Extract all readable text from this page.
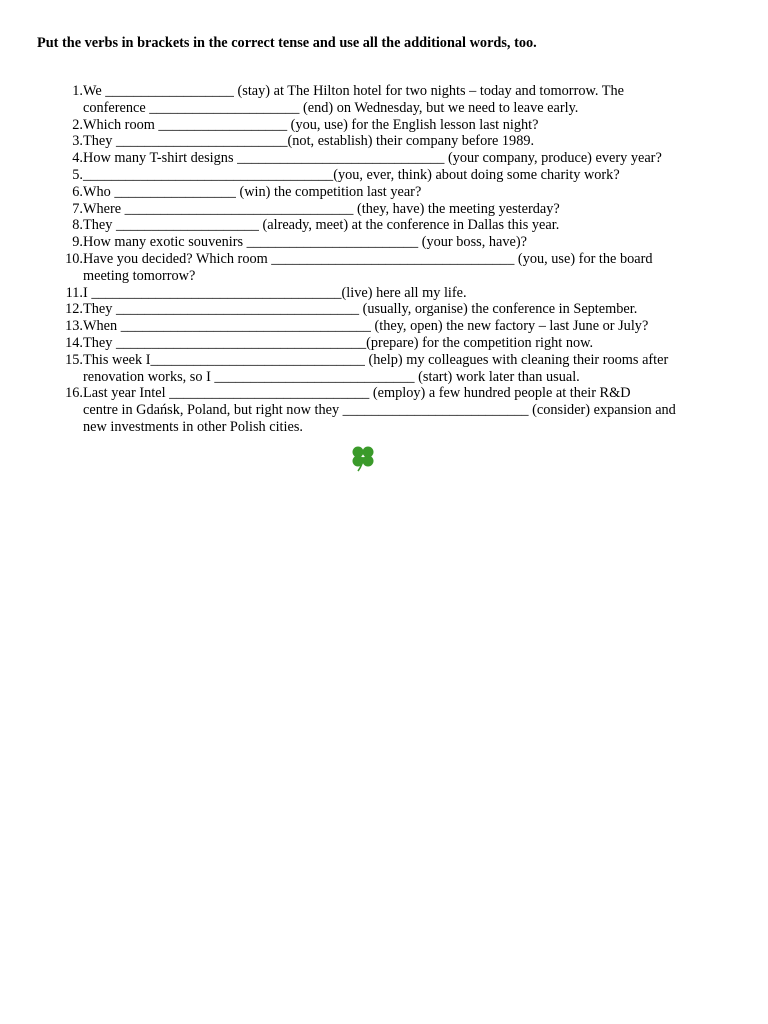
Put the verbs in brackets in the correct tense and use all the additional words, too.
1. We __________________ (stay) at The Hilton hotel for two nights – today and tomorrow. The
conference _____________________ (end) on Wednesday, but we need to leave early.
2. Which room __________________ (you, use) for the English lesson last night?
3. They ________________________(not, establish) their company before 1989.
4. How many T-shirt designs _____________________________ (your company, produce) every year?
5. ___________________________________(you, ever, think) about doing some charity work?
6. Who _________________ (win) the competition last year?
7. Where ________________________________ (they, have) the meeting yesterday?
8. They ____________________ (already, meet) at the conference in Dallas this year.
9. How many exotic souvenirs ________________________ (your boss, have)?
10. Have you decided? Which room __________________________________ (you, use) for the board
meeting tomorrow?
11. I ___________________________________(live) here all my life.
12. They __________________________________ (usually, organise) the conference in September.
13. When ___________________________________ (they, open) the new factory – last June or July?
14. They ___________________________________(prepare) for the competition right now.
15. This week I______________________________ (help) my colleagues with cleaning their rooms after
renovation works, so I ____________________________ (start) work later than usual.
16. Last year Intel ____________________________ (employ) a few hundred people at their R&D
centre in Gdańsk, Poland, but right now they __________________________ (consider) expansion and
new investments in other Polish cities.
